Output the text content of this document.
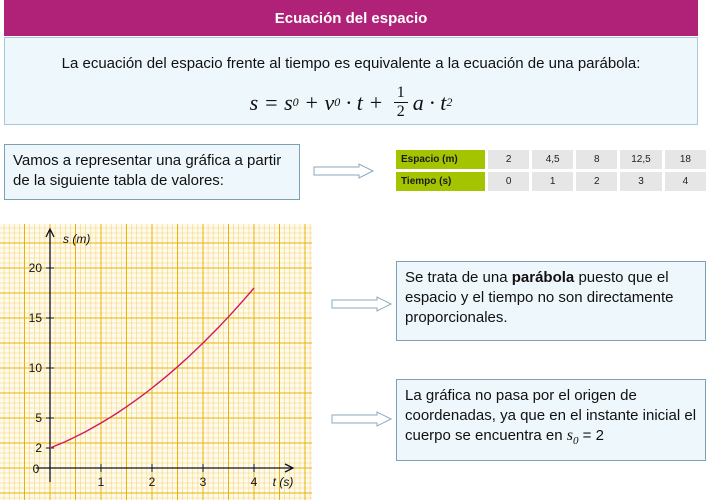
Ecuación del espacio
La ecuación del espacio frente al tiempo es equivalente a la ecuación de una parábola:
s = s 0 + v $0 \cdot t + \frac{1}{2}$ a · t 2
Vamos a representar una gráfica a partir de la siguiente tabla de valores:
Espacio (m)	2	4,5	8	12,5	18
Tiempo (s)	0	1	2	3	4
2
5
10
15
20
1	2	3	4
0
s (m)
t (s)
Se trata de una parábola puesto que el espacio y el tiempo no son directamente proporcionales.
La gráfica no pasa por el origen de coordenadas, ya que en el instante inicial el cuerpo se encuentra en $s_0 = 2$
